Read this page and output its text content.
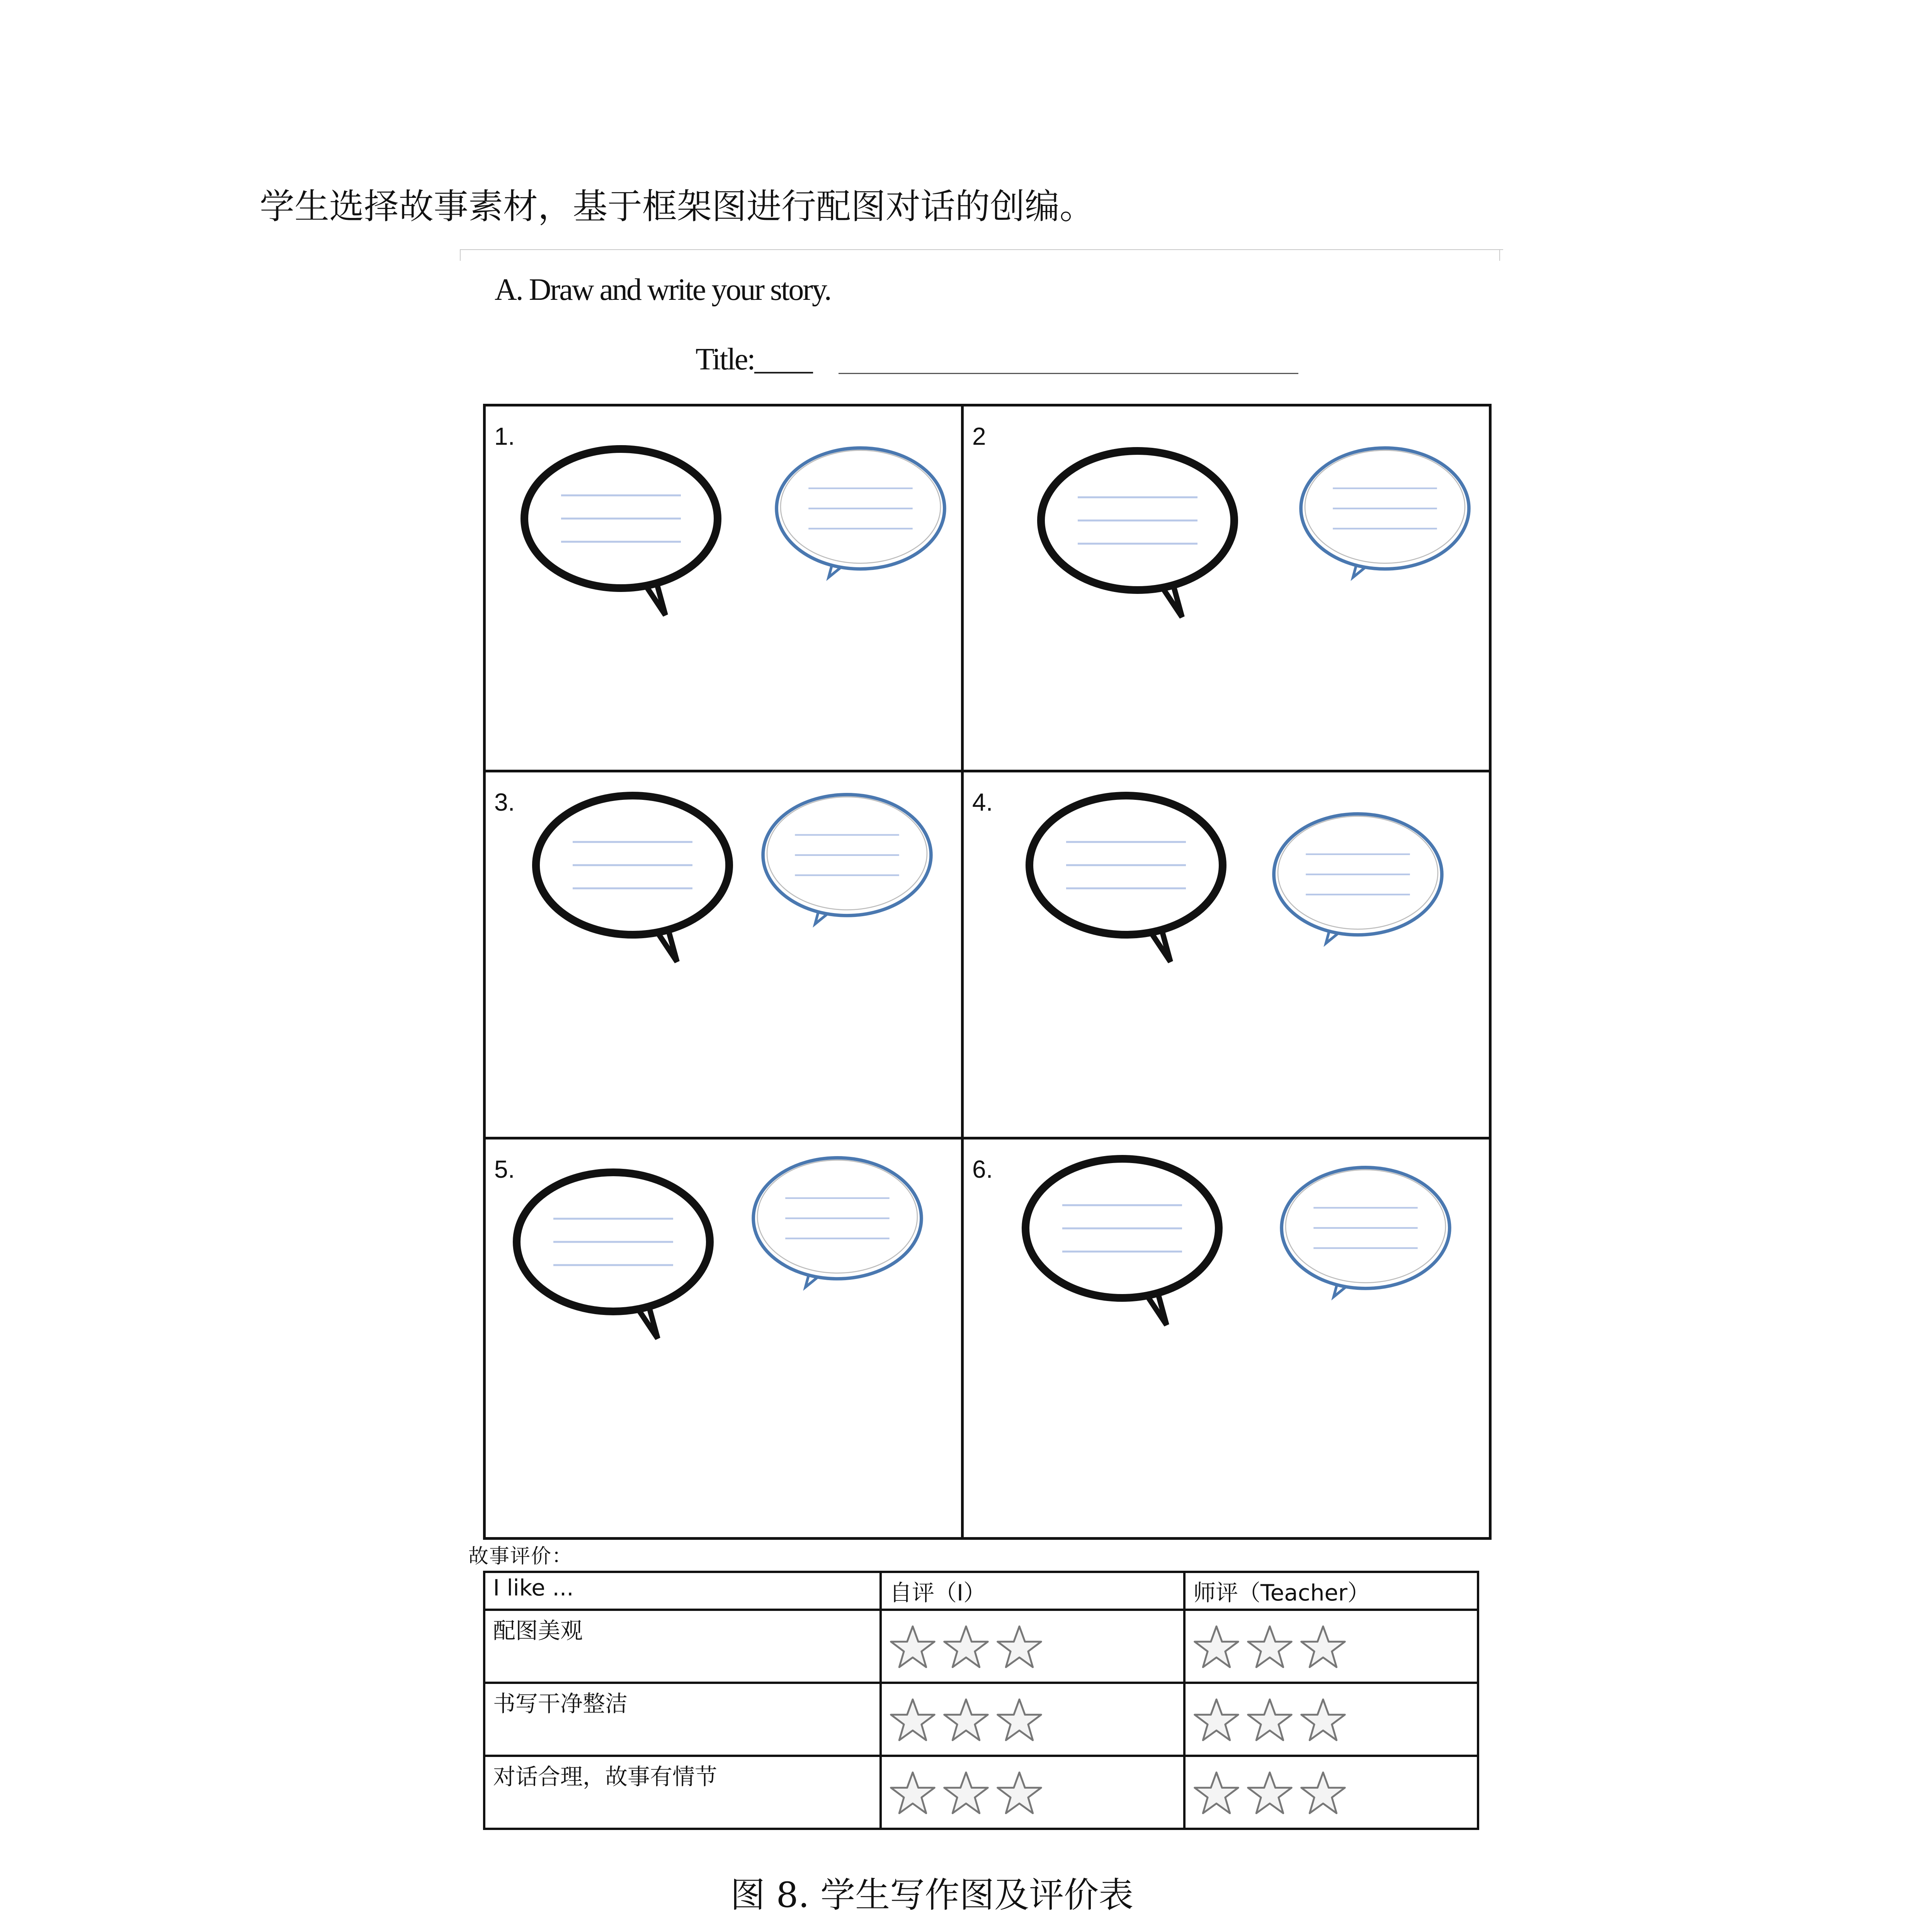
学生选择故事素材，基于框架图进行配图对话的创编。
A. Draw and write your story.
Title:____
1.	2
3.	4.
5.	6.
故事评价：
I like ...	自评（I）	师评（Teacher）
配图美观	

书写干净整洁	

对话合理，故事有情节	

图 8. 学生写作图及评价表
